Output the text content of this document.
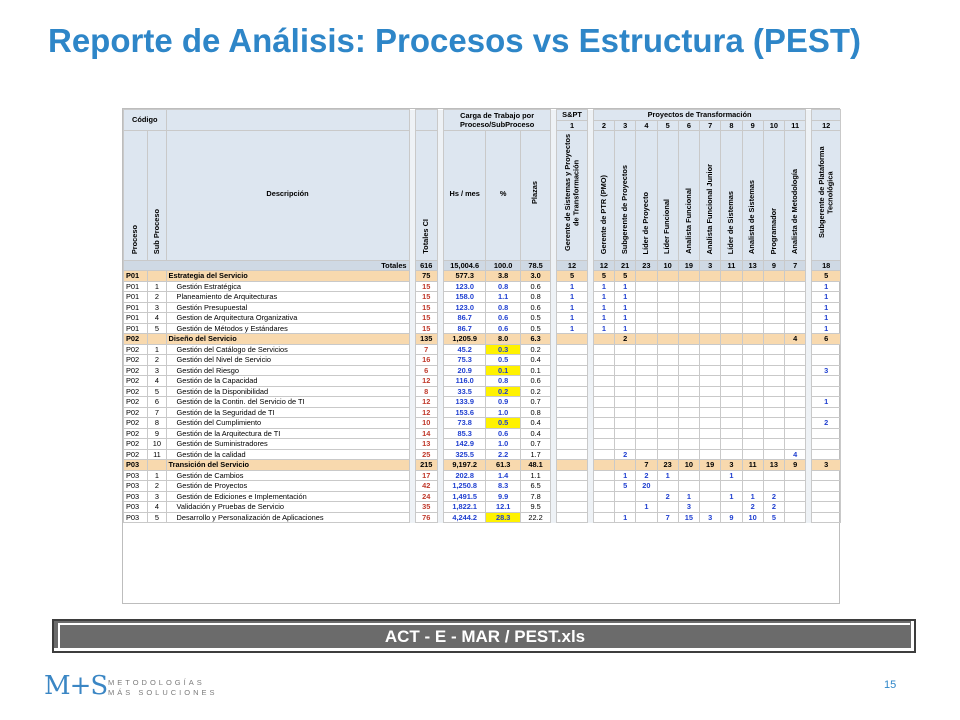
Reporte de Análisis: Procesos vs Estructura (PEST)
Código						Carga de Trabajo por Proceso/SubProceso				S&PT		Proyectos de Transformación											
										1		2	3	4	5	6	7	8	9	10	11		12
Proceso	Sub Proceso	Descripción		Totales CI		Hs / mes	%	Plazas		Gerente de Sistemas y Proyectos de Transformación		Gerente de PTR (PMO)	Subgerente de Proyectos	Líder de Proyecto	Líder Funcional	Analista Funcional	Analista Funcional Junior	Líder de Sistemas	Analista de Sistemas	Programador	Analista de Metodología		Subgerente de Plataforma Tecnológica
Totales				616		15,004.6	100.0	78.5		12		12	21	23	10	19	3	11	13	9	7		18
P01		Estrategia del Servicio		75		577.3	3.8	3.0		5		5	5										5
P01	1	Gestión Estratégica		15		123.0	0.8	0.6		1		1	1										1
P01	2	Planeamiento de Arquitecturas		15		158.0	1.1	0.8		1		1	1										1
P01	3	Gestión Presupuestal		15		123.0	0.8	0.6		1		1	1										1
P01	4	Gestion de Arquitectura Organizativa		15		86.7	0.6	0.5		1		1	1										1
P01	5	Gestión de Métodos y Estándares		15		86.7	0.6	0.5		1		1	1										1
P02		Diseño del Servicio		135		1,205.9	8.0	6.3					2								4		6
P02	1	Gestión del Catálogo de Servicios		7		45.2	0.3	0.2															
P02	2	Gestión del Nivel de Servicio		16		75.3	0.5	0.4															
P02	3	Gestión del Riesgo		6		20.9	0.1	0.1															3
P02	4	Gestión de la Capacidad		12		116.0	0.8	0.6															
P02	5	Gestión de la Disponibilidad		8		33.5	0.2	0.2															
P02	6	Gestión de la Contin. del Servicio de TI		12		133.9	0.9	0.7															1
P02	7	Gestión de la Seguridad de TI		12		153.6	1.0	0.8															
P02	8	Gestión del Cumplimiento		10		73.8	0.5	0.4															2
P02	9	Gestión de la Arquitectura de TI		14		85.3	0.6	0.4															
P02	10	Gestión de Suministradores		13		142.9	1.0	0.7															
P02	11	Gestión de la calidad		25		325.5	2.2	1.7					2								4		
P03		Transición del Servicio		215		9,197.2	61.3	48.1						7	23	10	19	3	11	13	9		3
P03	1	Gestión de Cambios		17		202.8	1.4	1.1					1	2	1			1					
P03	2	Gestión de Proyectos		42		1,250.8	8.3	6.5					5	20									
P03	3	Gestión de Ediciones e Implementación		24		1,491.5	9.9	7.8							2	1		1	1	2			
P03	4	Validación y Pruebas de Servicio		35		1,822.1	12.1	9.5						1		3			2	2			
P03	5	Desarrollo y Personalización de Aplicaciones		76		4,244.2	28.3	22.2					1		7	15	3	9	10	5			
ACT - E - MAR / PEST.xls
M+S METODOLOGÍAS
MÁS SOLUCIONES
15
